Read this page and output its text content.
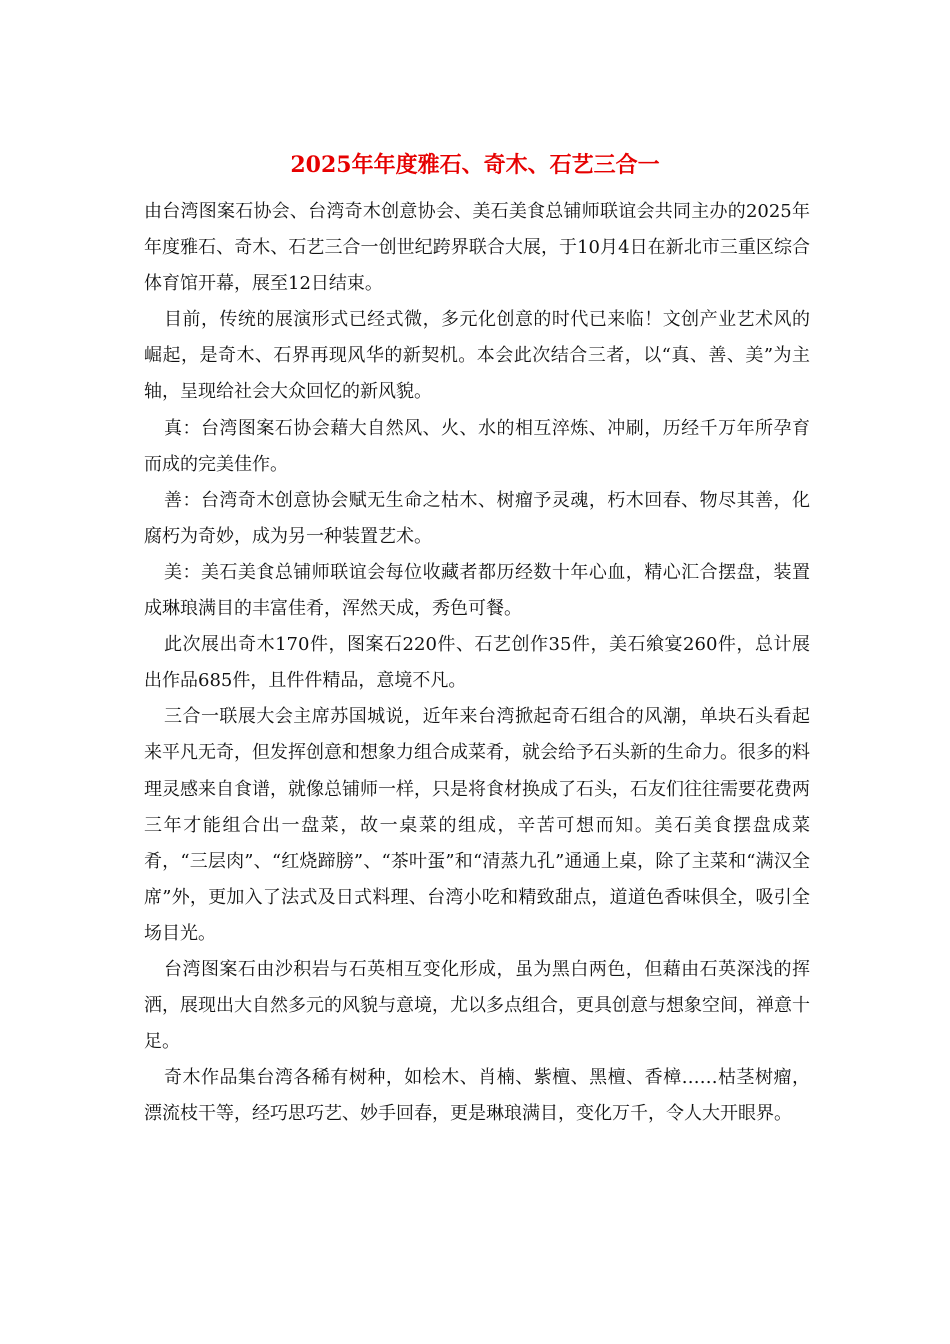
2025年年度雅石、奇木、石艺三合一

由台湾图案石协会、台湾奇木创意协会、美石美食总铺师联谊会共同主办的2025年年度雅石、奇木、石艺三合一创世纪跨界联合大展，于10月4日在新北市三重区综合体育馆开幕，展至12日结束。

目前，传统的展演形式已经式微，多元化创意的时代已来临！文创产业艺术风的崛起，是奇木、石界再现风华的新契机。本会此次结合三者，以“真、善、美”为主轴，呈现给社会大众回忆的新风貌。

真：台湾图案石协会藉大自然风、火、水的相互淬炼、冲刷，历经千万年所孕育而成的完美佳作。

善：台湾奇木创意协会赋无生命之枯木、树瘤予灵魂，朽木回春、物尽其善，化腐朽为奇妙，成为另一种装置艺术。

美：美石美食总铺师联谊会每位收藏者都历经数十年心血，精心汇合摆盘，装置成琳琅满目的丰富佳肴，浑然天成，秀色可餐。

此次展出奇木170件，图案石220件、石艺创作35件，美石飨宴260件，总计展出作品685件，且件件精品，意境不凡。

三合一联展大会主席苏国城说，近年来台湾掀起奇石组合的风潮，单块石头看起来平凡无奇，但发挥创意和想象力组合成菜肴，就会给予石头新的生命力。很多的料理灵感来自食谱，就像总铺师一样，只是将食材换成了石头，石友们往往需要花费两三年才能组合出一盘菜，故一桌菜的组成，辛苦可想而知。美石美食摆盘成菜肴，“三层肉”、“红烧蹄膀”、“茶叶蛋”和“清蒸九孔”通通上桌，除了主菜和“满汉全席”外，更加入了法式及日式料理、台湾小吃和精致甜点，道道色香味俱全，吸引全场目光。

台湾图案石由沙积岩与石英相互变化形成，虽为黑白两色，但藉由石英深浅的挥洒，展现出大自然多元的风貌与意境，尤以多点组合，更具创意与想象空间，禅意十足。

奇木作品集台湾各稀有树种，如桧木、肖楠、紫檀、黑檀、香樟……枯茎树瘤，漂流枝干等，经巧思巧艺、妙手回春，更是琳琅满目，变化万千，令人大开眼界。
